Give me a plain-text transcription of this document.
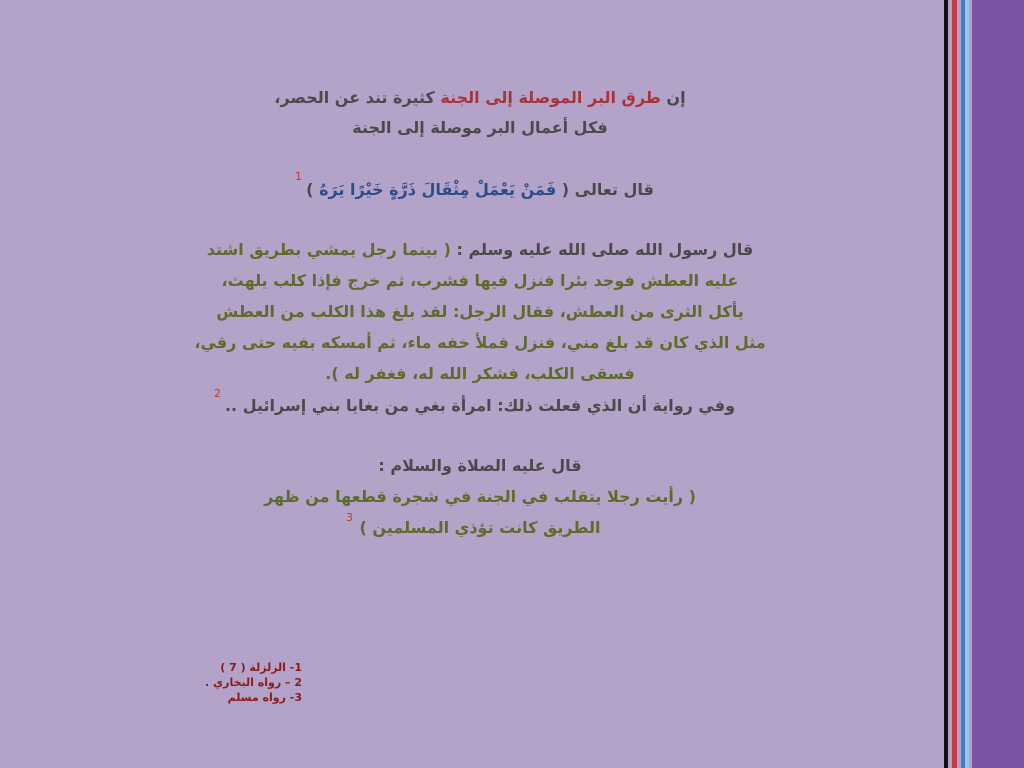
إن طرق البر الموصلة إلى الجنة كثيرة تند عن الحصر،
فكل أعمال البر موصلة إلى الجنة
قال تعالى ( فَمَنْ يَعْمَلْ مِثْقَالَ ذَرَّةٍ خَيْرًا يَرَهُ )
1
قال رسول الله صلى الله عليه وسلم : ( بينما رجل يمشي بطريق اشتد
عليه العطش فوجد بئرا فنزل فيها فشرب، ثم خرج فإذا كلب يلهث،
يأكل الثرى من العطش، فقال الرجل: لقد بلغ هذا الكلب من العطش
مثل الذي كان قد بلغ مني، فنزل فملأ خفه ماء، ثم أمسكه بفيه حتى رقي،
فسقى الكلب، فشكر الله له، فغفر له ).
وفي رواية أن الذي فعلت ذلك: امرأة بغي من بغايا بني إسرائيل ..
2
قال عليه الصلاة والسلام :
( رأيت رجلا يتقلب في الجنة في شجرة قطعها من ظهر
الطريق كانت تؤذي المسلمين )
3
1- الزلزلة ( 7 )
2 – رواه البخاري .
3- رواه مسلم
